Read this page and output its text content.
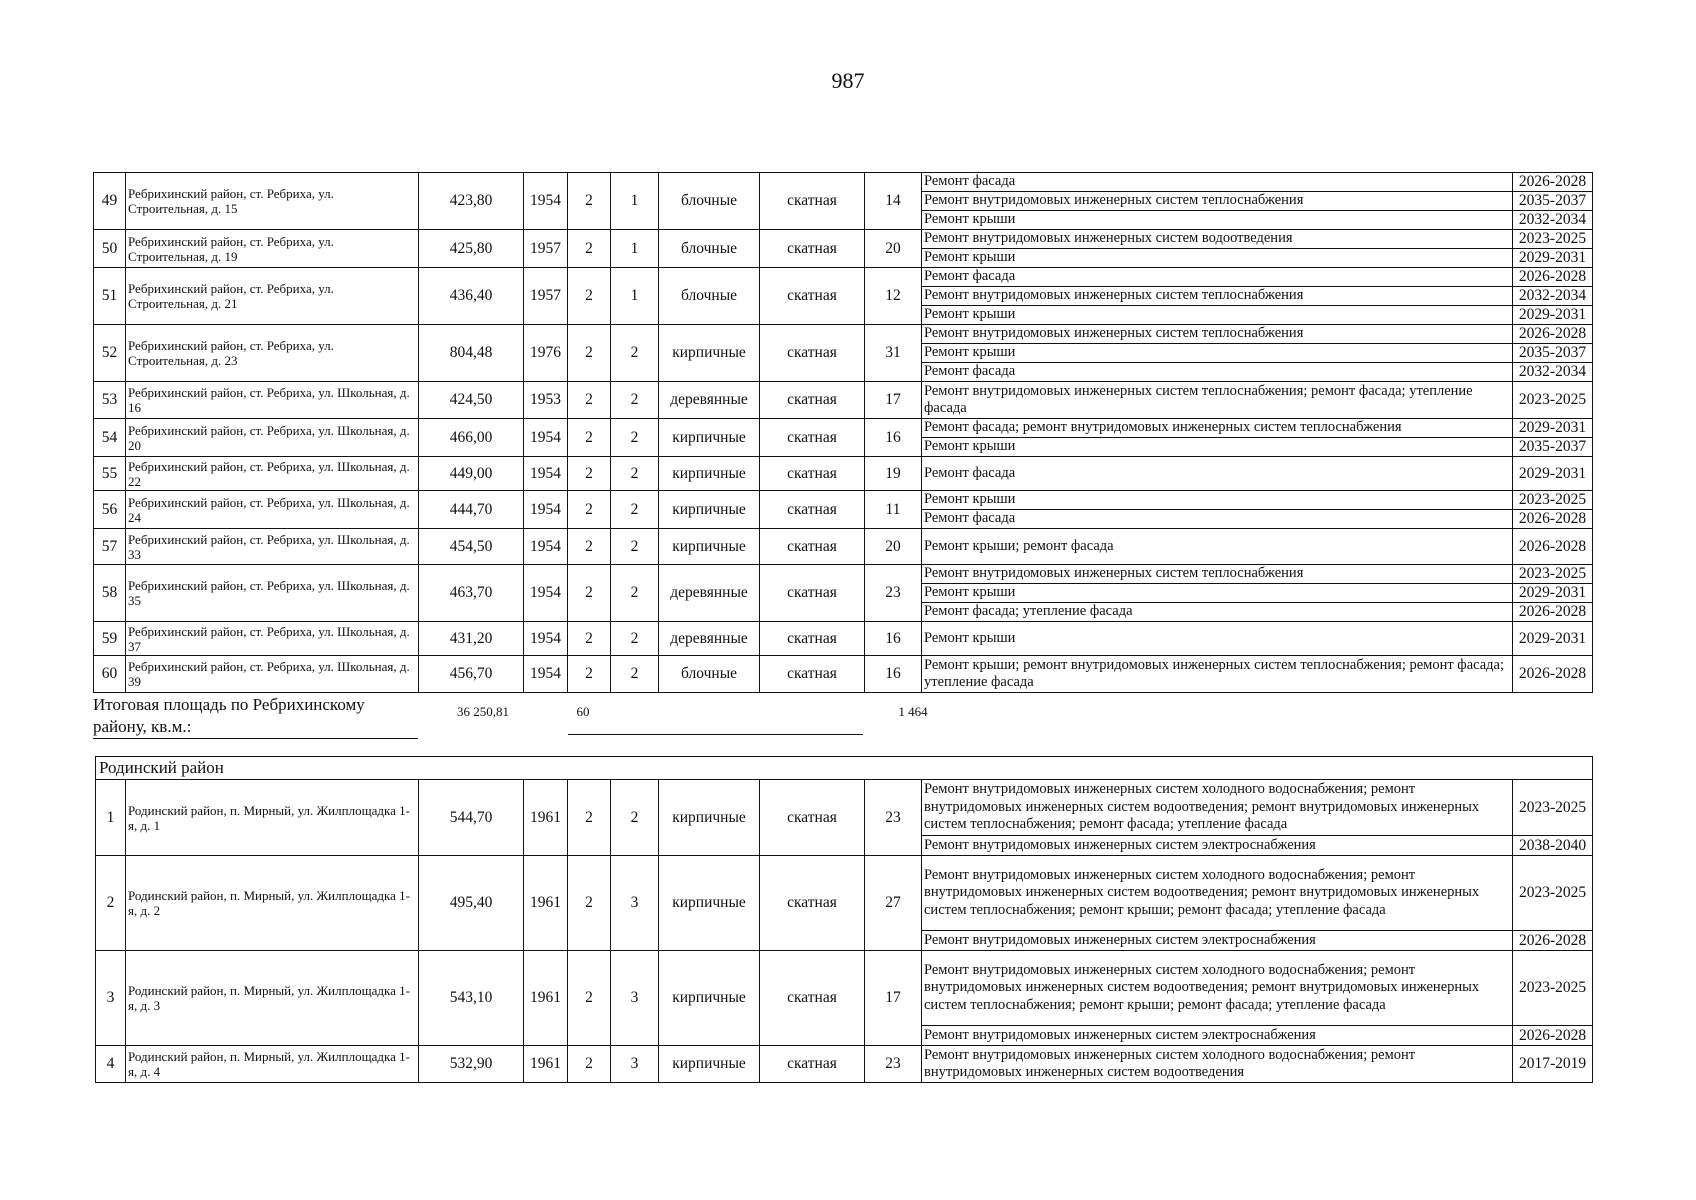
987
49	Ребрихинский район, ст. Ребриха, ул. Строительная, д. 15	423,80	1954	2	1	блочные	скатная	14	Ремонт фасада	2026-2028
									Ремонт внутридомовых инженерных систем теплоснабжения	2035-2037
									Ремонт крыши	2032-2034
50	Ребрихинский район, ст. Ребриха, ул. Строительная, д. 19	425,80	1957	2	1	блочные	скатная	20	Ремонт внутридомовых инженерных систем водоотведения	2023-2025
									Ремонт крыши	2029-2031
51	Ребрихинский район, ст. Ребриха, ул. Строительная, д. 21	436,40	1957	2	1	блочные	скатная	12	Ремонт фасада	2026-2028
									Ремонт внутридомовых инженерных систем теплоснабжения	2032-2034
									Ремонт крыши	2029-2031
52	Ребрихинский район, ст. Ребриха, ул. Строительная, д. 23	804,48	1976	2	2	кирпичные	скатная	31	Ремонт внутридомовых инженерных систем теплоснабжения	2026-2028
									Ремонт крыши	2035-2037
									Ремонт фасада	2032-2034
53	Ребрихинский район, ст. Ребриха, ул. Школьная, д. 16	424,50	1953	2	2	деревянные	скатная	17	Ремонт внутридомовых инженерных систем теплоснабжения; ремонт фасада; утепление фасада	2023-2025
54	Ребрихинский район, ст. Ребриха, ул. Школьная, д. 20	466,00	1954	2	2	кирпичные	скатная	16	Ремонт фасада; ремонт внутридомовых инженерных систем теплоснабжения	2029-2031
									Ремонт крыши	2035-2037
55	Ребрихинский район, ст. Ребриха, ул. Школьная, д. 22	449,00	1954	2	2	кирпичные	скатная	19	Ремонт фасада	2029-2031
56	Ребрихинский район, ст. Ребриха, ул. Школьная, д. 24	444,70	1954	2	2	кирпичные	скатная	11	Ремонт крыши	2023-2025
									Ремонт фасада	2026-2028
57	Ребрихинский район, ст. Ребриха, ул. Школьная, д. 33	454,50	1954	2	2	кирпичные	скатная	20	Ремонт крыши; ремонт фасада	2026-2028
58	Ребрихинский район, ст. Ребриха, ул. Школьная, д. 35	463,70	1954	2	2	деревянные	скатная	23	Ремонт внутридомовых инженерных систем теплоснабжения	2023-2025
									Ремонт крыши	2029-2031
									Ремонт фасада; утепление фасада	2026-2028
59	Ребрихинский район, ст. Ребриха, ул. Школьная, д. 37	431,20	1954	2	2	деревянные	скатная	16	Ремонт крыши	2029-2031
60	Ребрихинский район, ст. Ребриха, ул. Школьная, д. 39	456,70	1954	2	2	блочные	скатная	16	Ремонт крыши; ремонт внутридомовых инженерных систем теплоснабжения; ремонт фасада; утепление фасада	2026-2028
Итоговая площадь по Ребрихинскому району, кв.м.:
36 250,81	60	1 464
Родинский район										
1	Родинский район, п. Мирный, ул. Жилплощадка 1-я, д. 1	544,70	1961	2	2	кирпичные	скатная	23	Ремонт внутридомовых инженерных систем холодного водоснабжения; ремонт внутридомовых инженерных систем водоотведения; ремонт внутридомовых инженерных систем теплоснабжения; ремонт фасада; утепление фасада	2023-2025
									Ремонт внутридомовых инженерных систем электроснабжения	2038-2040
2	Родинский район, п. Мирный, ул. Жилплощадка 1-я, д. 2	495,40	1961	2	3	кирпичные	скатная	27	Ремонт внутридомовых инженерных систем холодного водоснабжения; ремонт внутридомовых инженерных систем водоотведения; ремонт внутридомовых инженерных систем теплоснабжения; ремонт крыши; ремонт фасада; утепление фасада	2023-2025
									Ремонт внутридомовых инженерных систем электроснабжения	2026-2028
3	Родинский район, п. Мирный, ул. Жилплощадка 1-я, д. 3	543,10	1961	2	3	кирпичные	скатная	17	Ремонт внутридомовых инженерных систем холодного водоснабжения; ремонт внутридомовых инженерных систем водоотведения; ремонт внутридомовых инженерных систем теплоснабжения; ремонт крыши; ремонт фасада; утепление фасада	2023-2025
									Ремонт внутридомовых инженерных систем электроснабжения	2026-2028
4	Родинский район, п. Мирный, ул. Жилплощадка 1-я, д. 4	532,90	1961	2	3	кирпичные	скатная	23	Ремонт внутридомовых инженерных систем холодного водоснабжения; ремонт внутридомовых инженерных систем водоотведения	2017-2019
